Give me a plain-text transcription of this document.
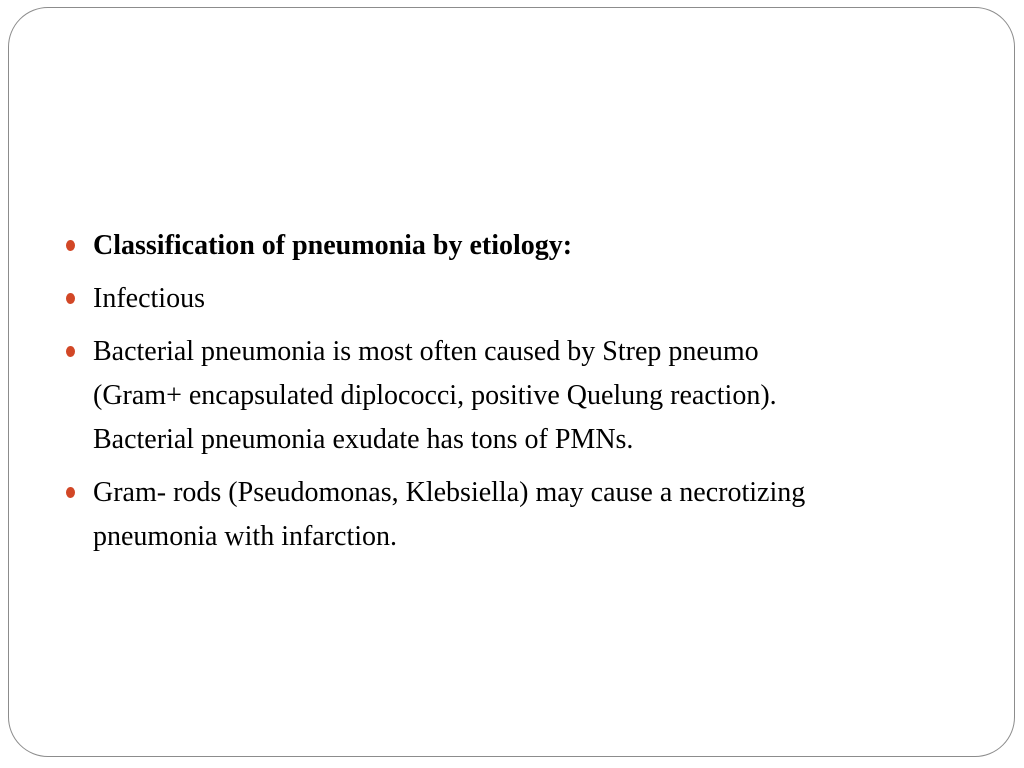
Classification of pneumonia by etiology:
Infectious
Bacterial pneumonia is most often caused by Strep pneumo
(Gram+ encapsulated diplococci, positive Quelung reaction).
Bacterial pneumonia exudate has tons of PMNs.
Gram- rods (Pseudomonas, Klebsiella) may cause a necrotizing
pneumonia with infarction.
